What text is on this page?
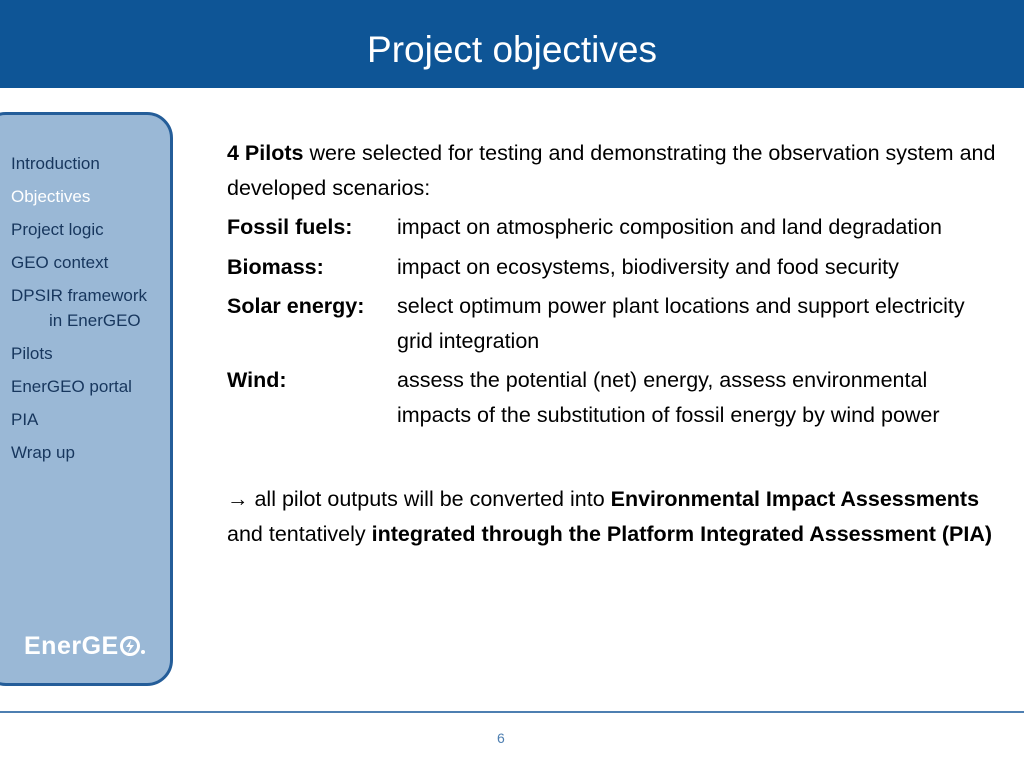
Project objectives
Introduction
Objectives
Project logic
GEO context
DPSIR framework
in EnerGEO
Pilots
EnerGEO portal
PIA
Wrap up
EnerGE

4 Pilots were selected for testing and demonstrating the observation system and developed scenarios:

Fossil fuels:	impact on atmospheric composition and land degradation
Biomass:	impact on ecosystems, biodiversity and food security
Solar energy:	select optimum power plant locations and support electricity grid integration
Wind:	assess the potential (net) energy, assess environmental impacts of the substitution of fossil energy by wind power

→ all pilot outputs will be converted into Environmental Impact Assessments and tentatively integrated through the Platform Integrated Assessment (PIA)

6
